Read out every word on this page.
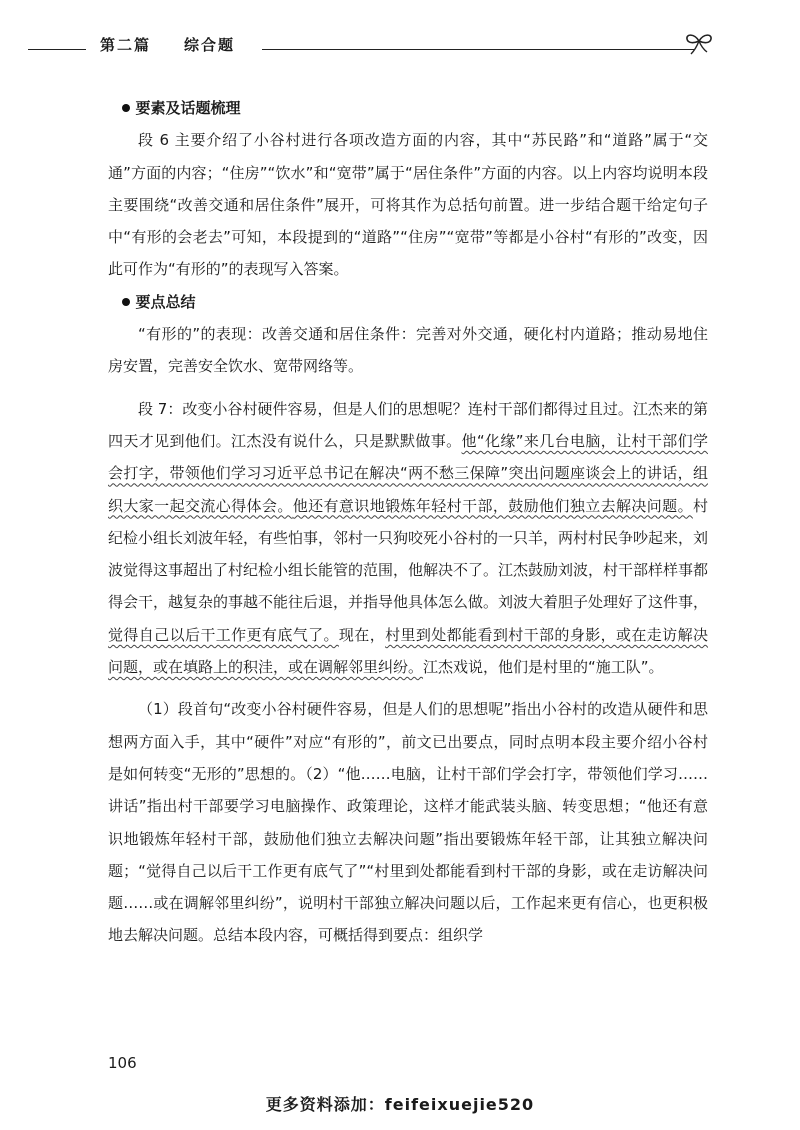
第二篇 综合题
要素及话题梳理

段 6 主要介绍了小谷村进行各项改造方面的内容，其中“苏民路”和“道路”属于“交通”方面的内容；“住房”“饮水”和“宽带”属于“居住条件”方面的内容。以上内容均说明本段主要围绕“改善交通和居住条件”展开，可将其作为总括句前置。进一步结合题干给定句子中“有形的会老去”可知，本段提到的“道路”“住房”“宽带”等都是小谷村“有形的”改变，因此可作为“有形的”的表现写入答案。

要点总结

“有形的”的表现：改善交通和居住条件：完善对外交通，硬化村内道路；推动易地住房安置，完善安全饮水、宽带网络等。

段 7：改变小谷村硬件容易，但是人们的思想呢？连村干部们都得过且过。江杰来的第四天才见到他们。江杰没有说什么，只是默默做事。他“化缘”来几台电脑，让村干部们学会打字，带领他们学习习近平总书记在解决“两不愁三保障”突出问题座谈会上的讲话，组织大家一起交流心得体会。他还有意识地锻炼年轻村干部，鼓励他们独立去解决问题。村纪检小组长刘波年轻，有些怕事，邻村一只狗咬死小谷村的一只羊，两村村民争吵起来，刘波觉得这事超出了村纪检小组长能管的范围，他解决不了。江杰鼓励刘波，村干部样样事都得会干，越复杂的事越不能往后退，并指导他具体怎么做。刘波大着胆子处理好了这件事，觉得自己以后干工作更有底气了。现在，村里到处都能看到村干部的身影，或在走访解决问题，或在填路上的积洼，或在调解邻里纠纷。江杰戏说，他们是村里的“施工队”。

（1）段首句“改变小谷村硬件容易，但是人们的思想呢”指出小谷村的改造从硬件和思想两方面入手，其中“硬件”对应“有形的”，前文已出要点，同时点明本段主要介绍小谷村是如何转变“无形的”思想的。（2）“他……电脑，让村干部们学会打字，带领他们学习……讲话”指出村干部要学习电脑操作、政策理论，这样才能武装头脑、转变思想；“他还有意识地锻炼年轻村干部，鼓励他们独立去解决问题”指出要锻炼年轻干部，让其独立解决问题；“觉得自己以后干工作更有底气了”“村里到处都能看到村干部的身影，或在走访解决问题……或在调解邻里纠纷”，说明村干部独立解决问题以后，工作起来更有信心，也更积极地去解决问题。总结本段内容，可概括得到要点：组织学

106
更多资料添加：feifeixuejie520
